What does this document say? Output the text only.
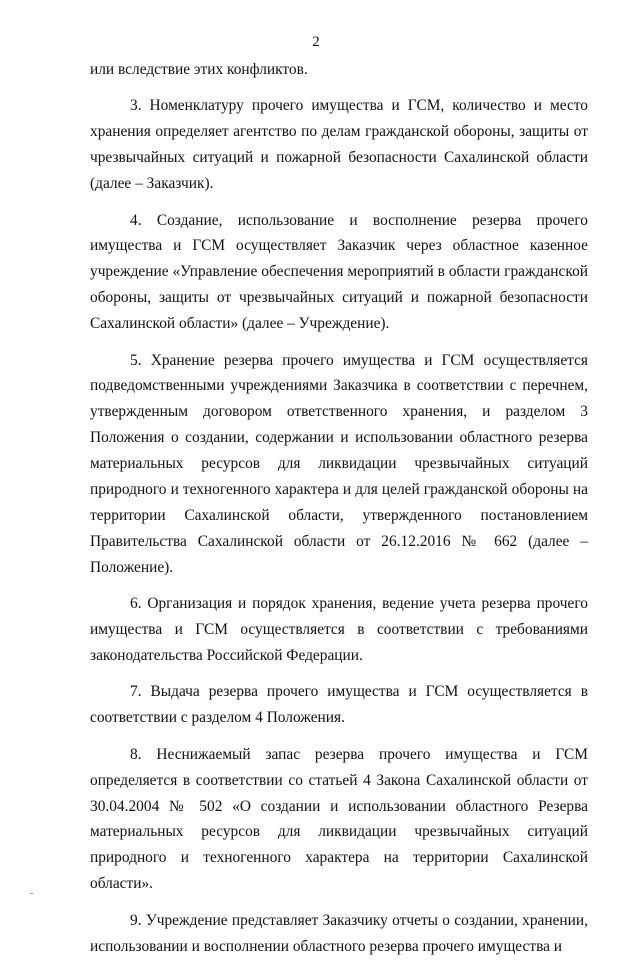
2

или вследствие этих конфликтов.

3. Номенклатуру прочего имущества и ГСМ, количество и место хранения определяет агентство по делам гражданской обороны, защиты от чрезвычайных ситуаций и пожарной безопасности Сахалинской области (далее – Заказчик).

4. Создание, использование и восполнение резерва прочего имущества и ГСМ осуществляет Заказчик через областное казенное учреждение «Управление обеспечения мероприятий в области гражданской обороны, защиты от чрезвычайных ситуаций и пожарной безопасности Сахалинской области» (далее – Учреждение).

5. Хранение резерва прочего имущества и ГСМ осуществляется подведомственными учреждениями Заказчика в соответствии с перечнем, утвержденным договором ответственного хранения, и разделом 3 Положения о создании, содержании и использовании областного резерва материальных ресурсов для ликвидации чрезвычайных ситуаций природного и техногенного характера и для целей гражданской обороны на территории Сахалинской области, утвержденного постановлением Правительства Сахалинской области от 26.12.2016 № 662 (далее – Положение).

6. Организация и порядок хранения, ведение учета резерва прочего имущества и ГСМ осуществляется в соответствии с требованиями законодательства Российской Федерации.

7. Выдача резерва прочего имущества и ГСМ осуществляется в соответствии с разделом 4 Положения.

8. Неснижаемый запас резерва прочего имущества и ГСМ определяется в соответствии со статьей 4 Закона Сахалинской области от 30.04.2004 № 502 «О создании и использовании областного Резерва материальных ресурсов для ликвидации чрезвычайных ситуаций природного и техногенного характера на территории Сахалинской области».

9. Учреждение представляет Заказчику отчеты о создании, хранении, использовании и восполнении областного резерва прочего имущества и
